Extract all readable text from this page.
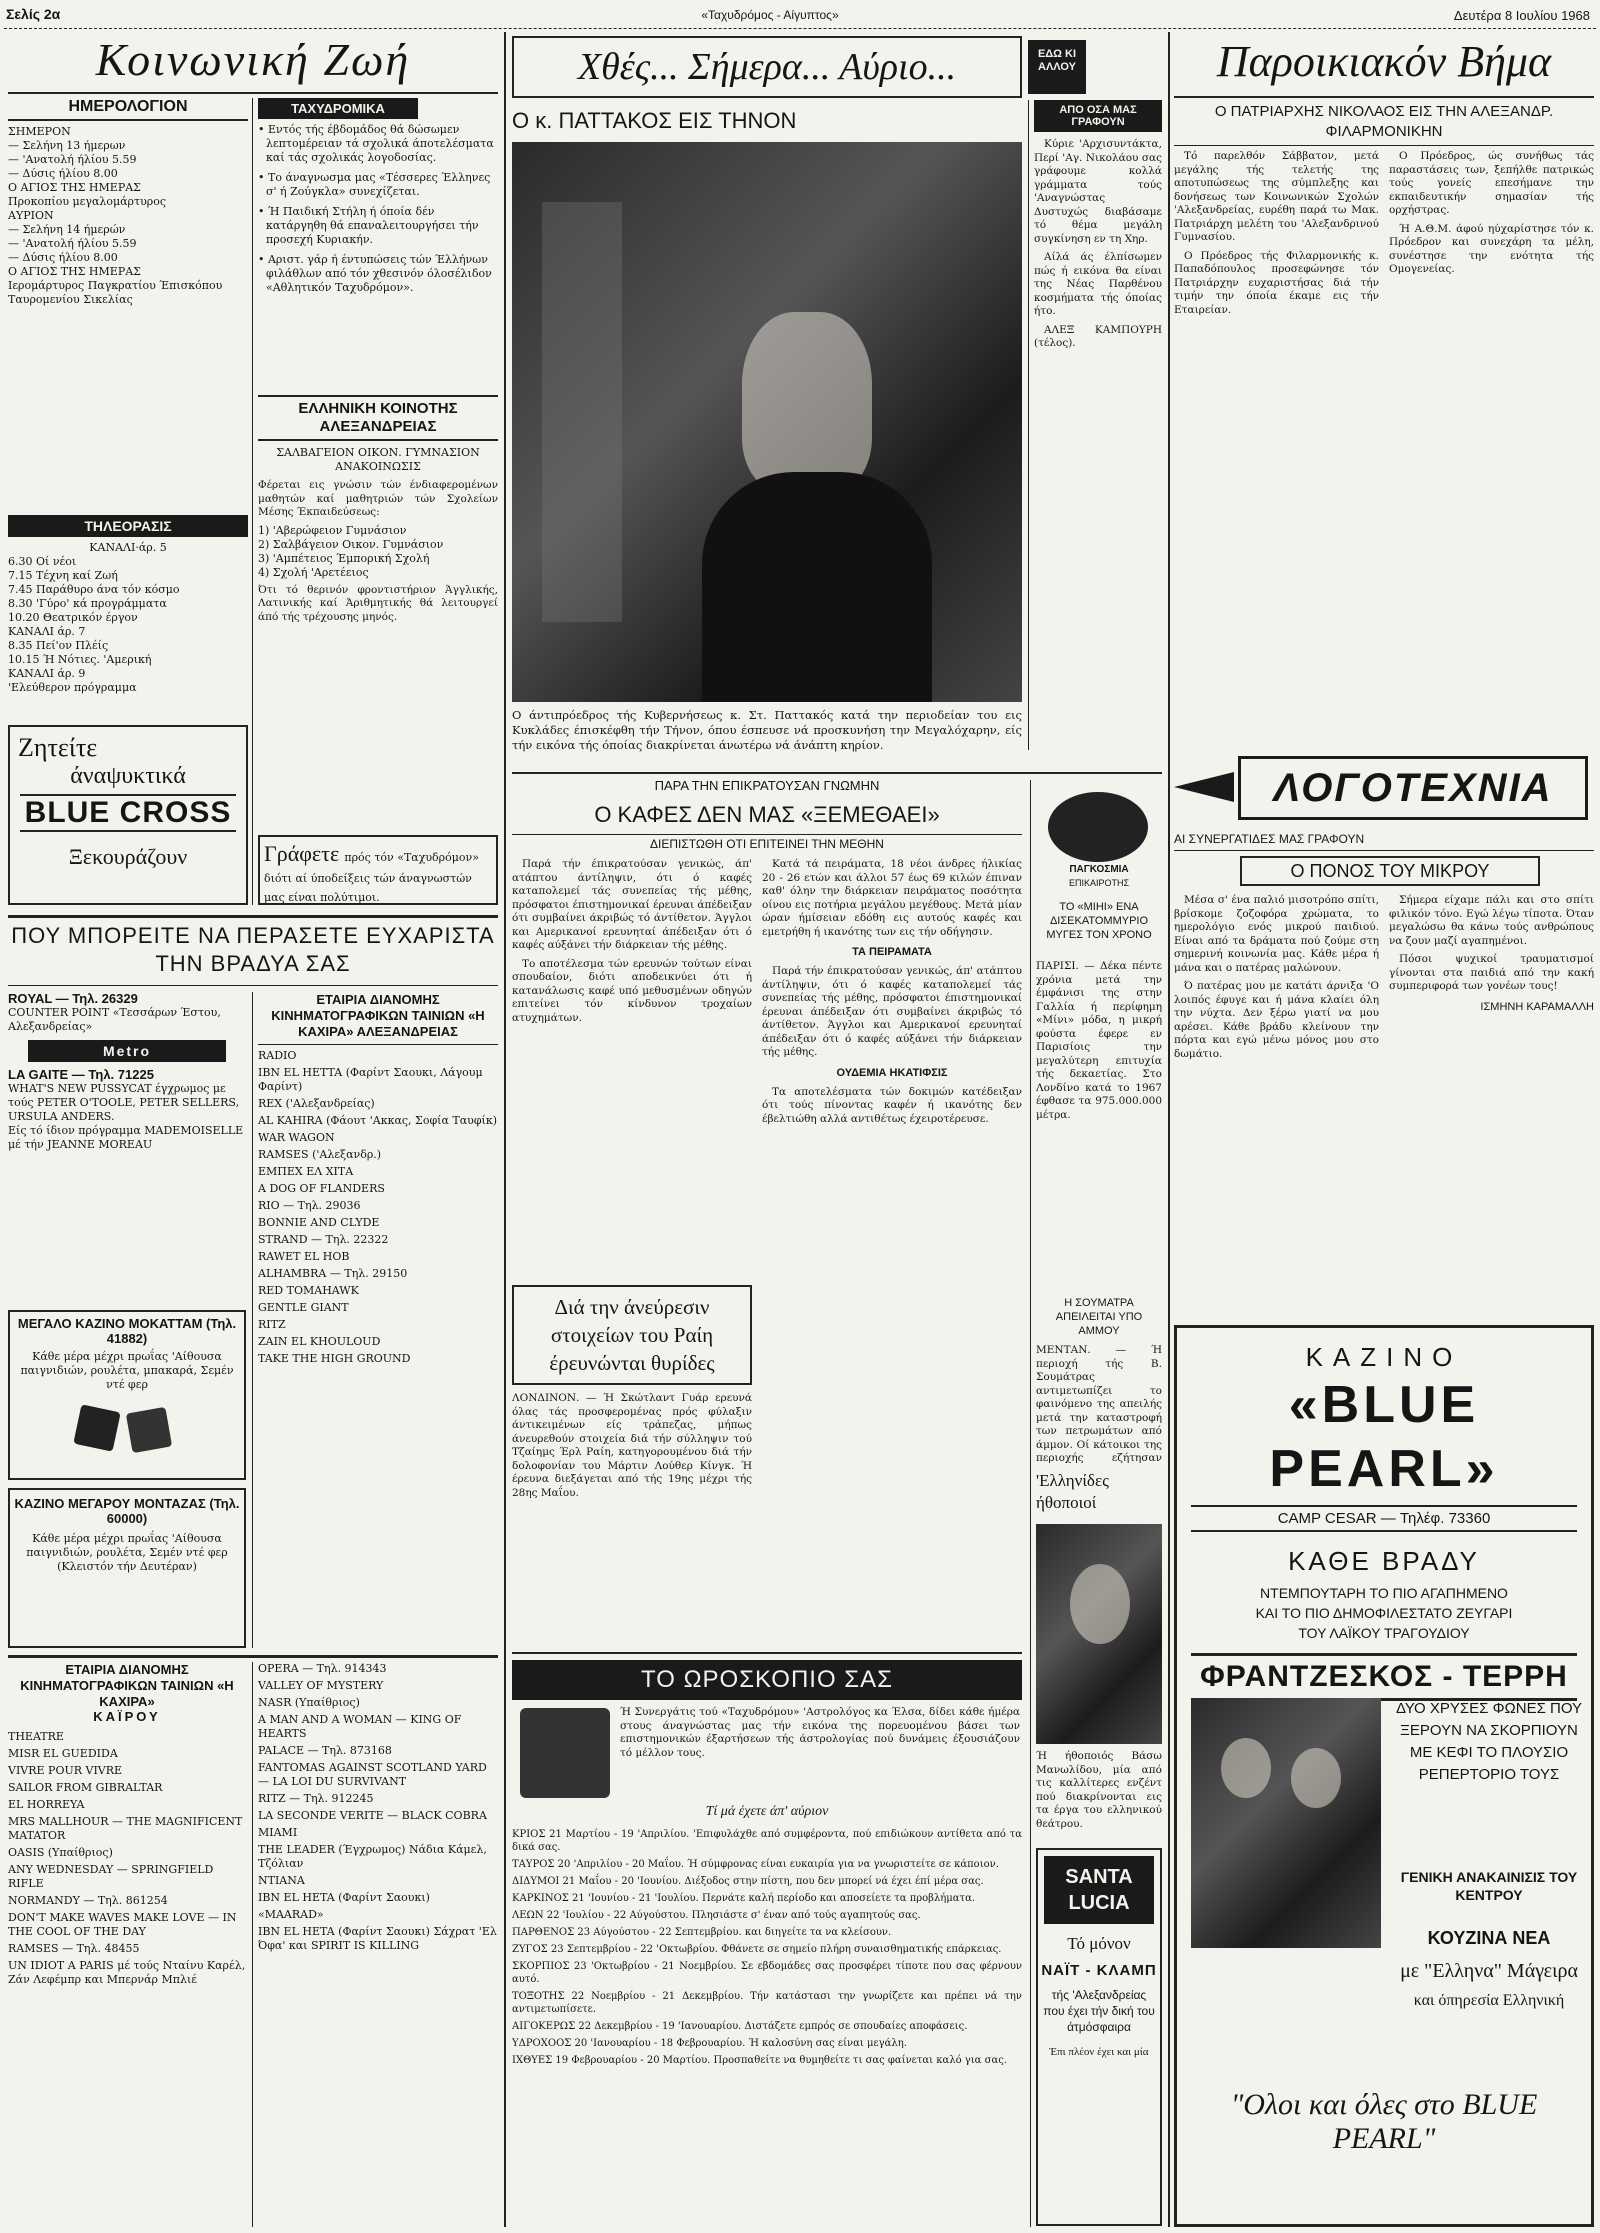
Σελίς 2α	«Ταχυδρόμος - Αίγυπτος»	Δευτέρα 8 Ιουλίου 1968
Κοινωνική Ζωή
ΗΜΕΡΟΛΟΓΙΟΝ
ΣΗΜΕΡΟΝ
— Σελήνη 13 ήμερων
— 'Ανατολή ήλίου 5.59
— Δύσις ήλίου 8.00
Ο ΑΓΙΟΣ ΤΗΣ ΗΜΕΡΑΣ
Προκοπίου μεγαλομάρτυρος
ΑΥΡΙΟΝ
— Σελήνη 14 ήμερών
— 'Ανατολή ήλίου 5.59
— Δύσις ήλίου 8.00
Ο ΑΓΙΟΣ ΤΗΣ ΗΜΕΡΑΣ
Ιερομάρτυρος Παγκρατίου Έπισκόπου Ταυρομενίου Σικελίας
ΤΗΛΕΟΡΑΣΙΣ
ΚΑΝΑΛΙ·άρ. 5
6.30 Οί νέοι
7.15 Τέχνη καί Ζωή
7.45 Παράθυρο άνα τόν κόσμο
8.30 'Γύρο' κά προγράμματα
10.20 Θεατρικόν έργον
ΚΑΝΑΛΙ άρ. 7
8.35 Πεί'ον Πλέίς
10.15 Ή Νότιες. 'Αμερική
ΚΑΝΑΛΙ άρ. 9
'Ελεύθερον πρόγραμμα
Ζητείτε
άναψυκτικά
BLUE CROSS
Ξεκουράζουν
ΤΑΧΥΔΡΟΜΙΚΑ
• Εντός τής έβδομάδος θά δώσωμεν λεπτομέρειαν τά σχολικά άποτελέσματα καί τάς σχολικάς λογοδοσίας.
• Το άναγνωσμα μας «Τέσσερες Έλληνες σ' ή Ζούγκλα» συνεχίζεται.
• Ή Παιδική Στήλη ή όποία δέν κατάργηθη θά επαναλειτουργήσει τήν προσεχή Κυριακήν.
• Αριστ. γάρ ή έντυπώσεις τών Έλλήνων φιλάθλων από τόν χθεσινόν όλοσέλιδον «Αθλητικόν Ταχυδρόμον».
ΕΛΛΗΝΙΚΗ ΚΟΙΝΟΤΗΣ ΑΛΕΞΑΝΔΡΕΙΑΣ
ΣΑΛΒΑΓΕΙΟΝ ΟΙΚΟΝ. ΓΥΜΝΑΣΙΟΝ ΑΝΑΚΟΙΝΩΣΙΣ
Φέρεται εις γνώσιν τών ένδιαφερομένων μαθητών καί μαθητριών τών Σχολείων Μέσης Έκπαιδεύσεως:
1) 'Αβερώφειον Γυμνάσιον
2) Σαλβάγειον Οικον. Γυμνάσιον
3) 'Αμπέτειος Έμπορική Σχολή
4) Σχολή 'Αρετέειος
Ότι τό θερινόν φροντιστήριον Άγγλικής, Λατινικής καί Άριθμητικής θά λειτουργεί άπό τής τρέχουσης μηνός.
Γράφετε πρός τόν «Ταχυδρόμον» διότι αί ύποδείξεις τών άναγνωστών μας είναι πολύτιμοι.
ΠΟΥ ΜΠΟΡΕΙΤΕ ΝΑ ΠΕΡΑΣΕΤΕ ΕΥΧΑΡΙΣΤΑ ΤΗΝ ΒΡΑΔΥΑ ΣΑΣ
ROYAL — Τηλ. 26329
COUNTER POINT «Τεσσάρων Έστου, Αλεξανδρείας»
Metro
LA GAITE — Τηλ. 71225
WHAT'S NEW PUSSYCAT έγχρωμος με τούς PETER O'TOOLE, PETER SELLERS, URSULA ANDERS.
Είς τό ίδιον πρόγραμμα MADEMOISELLE μέ τήν JEANNE MOREAU
ΜΕΓΑΛΟ ΚΑΖΙΝΟ ΜΟΚΑΤΤΑΜ (Τηλ. 41882)
Κάθε μέρα μέχρι πρωΐας 'Αίθουσα παιγνιδιών, ρουλέτα, μπακαρά, Σεμέν ντέ φερ
ΚΑΖΙΝΟ ΜΕΓΑΡΟΥ ΜΟΝΤΑΖΑΣ (Τηλ. 60000)
Κάθε μέρα μέχρι πρωΐας 'Αίθουσα παιγνιδιών, ρουλέτα, Σεμέν ντέ φερ (Κλειστόν τήν Δευτέραν)
ΕΤΑΙΡΙΑ ΔΙΑΝΟΜΗΣ ΚΙΝΗΜΑΤΟΓΡΑΦΙΚΩΝ ΤΑΙΝΙΩΝ «Η ΚΑΧΙΡΑ» ΑΛΕΞΑΝΔΡΕΙΑΣ
RADIO
IBN EL HETTA (Φαρίντ Σαουκι, Λάγουμ Φαρίντ)
REX ('Αλεξανδρείας)
AL KAHIRA (Φάουτ 'Ακκας, Σοφία Ταυφίκ)
WAR WAGON
RAMSES ('Αλεξανδρ.)
ΕΜΠΕΧ ΕΛ ΧΙΤΑ
A DOG OF FLANDERS
RIO — Τηλ. 29036
BONNIE AND CLYDE
STRAND — Τηλ. 22322
RAWET EL HOB
ALHAMBRA — Τηλ. 29150
RED TOMAHAWK
GENTLE GIANT
RITZ
ZAIN EL KHOULOUD
TAKE THE HIGH GROUND
ΕΤΑΙΡΙΑ ΔΙΑΝΟΜΗΣ ΚΙΝΗΜΑΤΟΓΡΑΦΙΚΩΝ ΤΑΙΝΙΩΝ «Η ΚΑΧΙΡΑ»
ΚΑΪΡΟΥ
THEATRE
MISR EL GUEDIDA
VIVRE POUR VIVRE
SAILOR FROM GIBRALTAR
EL HORREYA
MRS MALLHOUR — THE MAGNIFICENT MATATOR
OASIS (Υπαίθριος)
ANY WEDNESDAY — SPRINGFIELD RIFLE
NORMANDY — Τηλ. 861254
DON'T MAKE WAVES MAKE LOVE — IN THE COOL OF THE DAY
RAMSES — Τηλ. 48455
UN IDIOT A PARIS μέ τούς Νταίνυ Καρέλ, Ζάν Λεφέμπρ και Μπερνάρ Μπλιέ
OPERA — Τηλ. 914343
VALLEY OF MYSTERY
NASR (Υπαίθριος)
A MAN AND A WOMAN — KING OF HEARTS
PALACE — Τηλ. 873168
FANTOMAS AGAINST SCOTLAND YARD — LA LOI DU SURVIVANT
RITZ — Τηλ. 912245
LA SECONDE VERITE — BLACK COBRA
MIAMI
THE LEADER (Έγχρωμος) Νάδια Κάμελ, Τζόλιαν
NTIANA
IBN EL HETA (Φαρίντ Σαουκι)
«MAARAD»
IBN EL HETA (Φαρίντ Σαουκι) Σάχρατ 'Ελ Όφα' και SPIRIT IS KILLING
Χθές... Σήμερα... Αύριο...	ΕΔΩ ΚΙ ΑΛΛΟΥ
Ο κ. ΠΑΤΤΑΚΟΣ ΕΙΣ ΤΗΝΟΝ
Ο άντιπρόεδρος τής Κυβερνήσεως κ. Στ. Παττακός κατά την περιοδείαν του εις Κυκλάδες έπισκέφθη τήν Τήνον, όπου έσπευσε νά προσκυνήση την Μεγαλόχαρην, είς τήν εικόνα τής όποίας διακρίνεται άνωτέρω νά άνάπτη κηρίον.
ΑΠΟ ΟΣΑ ΜΑΣ ΓΡΑΦΟΥΝ

Κύριε 'Αρχισυντάκτα, Περί 'Αγ. Νικολάου σας γράφουμε κολλά γράμματα τούς 'Αναγνώστας Δυστυχώς διαβάσαμε τό θέμα μεγάλη συγκίνηση εν τη Χηρ.

Αίλά άς έλπίσωμεν πώς ή εικόνα θα είναι της Νέας Παρθένου κοσμήματα τής όποίας ήτο.

ΑΛΕΞ ΚΑΜΠΟΥΡΗ (τέλος).

ΠΑΡΑ ΤΗΝ ΕΠΙΚΡΑΤΟΥΣΑΝ ΓΝΩΜΗΝ
Ο ΚΑΦΕΣ ΔΕΝ ΜΑΣ «ΞΕΜΕΘΑΕΙ»
ΔΙΕΠΙΣΤΩΘΗ ΟΤΙ ΕΠΙΤΕΙΝΕΙ ΤΗΝ ΜΕΘΗΝ

Παρά τήν έπικρατούσαν γενικώς, άπ' ατάπτου άντίληψιν, ότι ό καφές καταπολεμεί τάς συνεπείας τής μέθης, πρόσφατοι έπιστημονικαί έρευναι άπέδειξαν ότι συμβαίνει άκριβώς τό άντίθετον. Άγγλοι και Αμερικανοί ερευνηταί άπέδειξαν ότι ό καφές αύξάνει τήν διάρκειαν τής μέθης.

Το αποτέλεσμα τών ερευνών τούτων είναι σπουδαίον, διότι αποδεικνύει ότι ή κατανάλωσις καφέ υπό μεθυσμένων οδηγών επιτείνει τόν κίνδυνον τροχαίων ατυχημάτων.

Κατά τά πειράματα, 18 νέοι άνδρες ήλικίας 20 - 26 ετών και άλλοι 57 έως 69 κιλών έπιναν καθ' όλην την διάρκειαν πειράματος ποσότητα οίνου εις ποτήρια μεγάλου μεγέθους. Μετά μίαν ώραν ήμίσειαν εδόθη εις αυτούς καφές και εμετρήθη ή ικανότης των εις τήν οδήγησιν.

ΤΑ ΠΕΙΡΑΜΑΤΑ

Παρά τήν έπικρατούσαν γενικώς, άπ' ατάπτου άντίληψιν, ότι ό καφές καταπολεμεί τάς συνεπείας τής μέθης, πρόσφατοι έπιστημονικαί έρευναι άπέδειξαν ότι συμβαίνει άκριβώς τό άντίθετον. Άγγλοι και Αμερικανοί ερευνηταί άπέδειξαν ότι ό καφές αύξάνει τήν διάρκειαν τής μέθης.

ΟΥΔΕΜΙΑ ΗΚΑΤΙΦΣΙΣ

Τα αποτελέσματα τών δοκιμών κατέδειξαν ότι τούς πίνοντας καφέν ή ικανότης δεν έβελτιώθη αλλά αντιθέτως έχειροτέρευσε.

Διά την άνεύρεσιν στοιχείων του Ραίη έρευνώνται θυρίδες
ΛΟΝΔΙΝΟΝ. — Ή Σκώτλαντ Γυάρ ερευνά όλας τάς προσφερομένας πρός φύλαξιν άντικειμένων είς τράπεζας, μήπως άνευρεθούν στοιχεία διά τήν σύλληψιν τού Τζαίημς Έρλ Ραίη, κατηγορουμένου διά τήν δολοφονίαν του Μάρτιν Λούθερ Κίνγκ. Ή έρευνα διεξάγεται από τής 19ης μέχρι τής 28ης Μαΐου.
ΤΟ ΩΡΟΣΚΟΠΙΟ ΣΑΣ
Ή Συνεργάτις τού «Ταχυδρόμου» 'Αστρολόγος κα Έλσα, δίδει κάθε ήμέρα στους άναγνώστας μας τήν εικόνα της πορευομένου βάσει των επιστημονικών έξαρτήσεων τής άστρολογίας πού δυνάμεις έξουσιάζουν τό μέλλον τους.
Τί μά έχετε άπ' αύριον
ΚΡΙΟΣ 21 Μαρτίου - 19 'Απριλίου. 'Επιφυλάχθε από συμφέροντα, πού επιδιώκουν αντίθετα από τα δικά σας.
ΤΑΥΡΟΣ 20 'Απριλίου - 20 Μαΐου. Ή σύμφρονας είναι ευκαιρία για να γνωριστείτε σε κάποιον.
ΔΙΔΥΜΟΙ 21 Μαΐου - 20 'Ιουνίου. Διέξοδος στην πίστη, που δεν μπορεί νά έχει έπί μέρα σας.
ΚΑΡΚΙΝΟΣ 21 'Ιουνίου - 21 'Ιουλίου. Περνάτε καλή περίοδο και αποσείετε τα προβλήματα.
ΛΕΩΝ 22 'Ιουλίου - 22 Αύγούστου. Πλησιάστε σ' έναν από τούς αγαπητούς σας.
ΠΑΡΘΕΝΟΣ 23 Αύγούστου - 22 Σεπτεμβρίου. και διηγείτε τα να κλείσουν.
ΖΥΓΟΣ 23 Σεπτεμβρίου - 22 'Οκτωβρίου. Φθάνετε σε σημείο πλήρη συναισθηματικής επάρκειας.
ΣΚΟΡΠΙΟΣ 23 'Οκτωβρίου - 21 Νοεμβρίου. Σε εβδομάδες σας προσφέρει τίποτε που σας φέρνουν αυτό.
ΤΟΞΟΤΗΣ 22 Νοεμβρίου - 21 Δεκεμβρίου. Τήν κατάστασι την γνωρίζετε και πρέπει νά την αντιμετωπίσετε.
ΑΙΓΟΚΕΡΩΣ 22 Δεκεμβρίου - 19 'Ιανουαρίου. Διστάζετε εμπρός σε σπουδαίες αποφάσεις.
ΥΔΡΟΧΟΟΣ 20 'Ιανουαρίου - 18 Φεβρουαρίου. Ή καλοσύνη σας είναι μεγάλη.
ΙΧΘΥΕΣ 19 Φεβρουαρίου - 20 Μαρτίου. Προσπαθείτε να θυμηθείτε τι σας φαίνεται καλό για σας.
ΠΑΓΚΟΣΜΙΑ
ΕΠΙΚΑΙΡΟΤΗΣ
ΤΟ «ΜΙΗΙ» ΕΝΑ ΔΙΣΕΚΑΤΟΜΜΥΡΙΟ ΜΥΓΕΣ ΤΟΝ ΧΡΟΝΟ
ΠΑΡΙΣΙ. — Δέκα πέντε χρόνια μετά την έμφάνισι της στην Γαλλία ή περίφημη «Μίνι» μόδα, η μικρή φούστα έφερε εν Παρισίοις την μεγαλύτερη επιτυχία τής δεκαετίας. Στο Λονδίνο κατά το 1967 έφθασε τα 975.000.000 μέτρα.
Η ΣΟΥΜΑΤΡΑ ΑΠΕΙΛΕΙΤΑΙ ΥΠΟ ΑΜΜΟΥ
ΜΕΝΤΑΝ. — Ή περιοχή τής Β. Σουμάτρας αντιμετωπίζει το φαινόμενο της απειλής μετά την καταστροφή των πετρωμάτων από άμμον. Οί κάτοικοι της περιοχής εζήτησαν
'Ελληνίδες ήθοποιοί
Ή ήθοποιός Βάσω Μανωλίδου, μία από τις καλλίτερες ενζέντ πού διακρίνονται εις τα έργα του ελληνικού θεάτρου.
SANTA LUCIA
Τό μόνον
ΝΑΪΤ - ΚΛΑΜΠ
τής 'Αλεξανδρείας που έχει τήν δική του άτμόσφαιρα
Έπι πλέον έχει και μία
Παροικιακόν Βήμα
Ο ΠΑΤΡΙΑΡΧΗΣ ΝΙΚΟΛΑΟΣ ΕΙΣ ΤΗΝ ΑΛΕΞΑΝΔΡ. ΦΙΛΑΡΜΟΝΙΚΗΝ

Τό παρελθόν Σάββατον, μετά μεγάλης τής τελετής της αποτυπώσεως της σύμπλεξης και δονήσεως των Κοινωνικών Σχολών 'Αλεξανδρείας, ευρέθη παρά τω Μακ. Πατριάρχη μελέτη του 'Αλεξανδρινού Γυμνασίου.

Ο Πρόεδρος τής Φιλαρμονικής κ. Παπαδόπουλος προσεφώνησε τόν Πατριάρχην ευχαριστήσας διά τήν τιμήν την όποία έκαμε εις τήν Εταιρείαν.

Ο Πρόεδρος, ώς συνήθως τάς παραστάσεις των, ξεπήλθε πατρικώς τούς γονείς επεσήμανε την εκπαιδευτικήν σημασίαν τής ορχήστρας.

Ή Α.Θ.Μ. άφού ηύχαρίστησε τόν κ. Πρόεδρον και συνεχάρη τα μέλη, συνέστησε την ενότητα τής Ομογενείας.

ΛΟΓΟΤΕΧΝΙΑ
ΑΙ ΣΥΝΕΡΓΑΤΙΔΕΣ ΜΑΣ ΓΡΑΦΟΥΝ
Ο ΠΟΝΟΣ ΤΟΥ ΜΙΚΡΟΥ

Μέσα σ' ένα παλιό μισοτρόπο σπίτι, βρίσκομε ζοζοφόρα χρώματα, το ημερολόγιο ενός μικρού παιδιού. Είναι από τα δράματα πού ζούμε στη σημερινή κοινωνία μας. Κάθε μέρα ή μάνα και ο πατέρας μαλώνουν.

Ό πατέρας μου με κατάτι άρνιξα 'Ο λοιπός έφυγε και ή μάνα κλαίει όλη την νύχτα. Δεν ξέρω γιατί να μου αρέσει. Κάθε βράδυ κλείνουν την πόρτα και εγώ μένω μόνος μου στο δωμάτιο.

Σήμερα είχαμε πάλι και στο σπίτι φιλικόν τόνο. Εγώ λέγω τίποτα. Όταν μεγαλώσω θα κάνω τούς ανθρώπους να ζουν μαζί αγαπημένοι.

Πόσοι ψυχικοί τραυματισμοί γίνονται στα παιδιά από την κακή συμπεριφορά των γονέων τους!

ΙΣΜΗΝΗ ΚΑΡΑΜΑΛΛΗ
ΚΑΖΙΝΟ
«BLUE PEARL»
CAMP CESAR — Τηλέφ. 73360
ΚΑΘΕ ΒΡΑΔΥ
ΝΤΕΜΠΟΥΤΑΡΗ ΤΟ ΠΙΟ ΑΓΑΠΗΜΕΝΟ
ΚΑΙ ΤΟ ΠΙΟ ΔΗΜΟΦΙΛΕΣΤΑΤΟ ΖΕΥΓΑΡΙ
ΤΟΥ ΛΑΪΚΟΥ ΤΡΑΓΟΥΔΙΟΥ
ΦΡΑΝΤΖΕΣΚΟΣ - ΤΕΡΡΗ
ΔΥΟ ΧΡΥΣΕΣ ΦΩΝΕΣ ΠΟΥ ΞΕΡΟΥΝ ΝΑ ΣΚΟΡΠΙΟΥΝ ΜΕ ΚΕΦΙ ΤΟ ΠΛΟΥΣΙΟ ΡΕΠΕΡΤΟΡΙΟ ΤΟΥΣ
ΓΕΝΙΚΗ ΑΝΑΚΑΙΝΙΣΙΣ ΤΟΥ ΚΕΝΤΡΟΥ
ΚΟΥΖΙΝΑ ΝΕΑ
με "Ελληνα" Μάγειρα
και όπηρεσία Ελληνική
"Ολοι και όλες στο BLUE PEARL"
